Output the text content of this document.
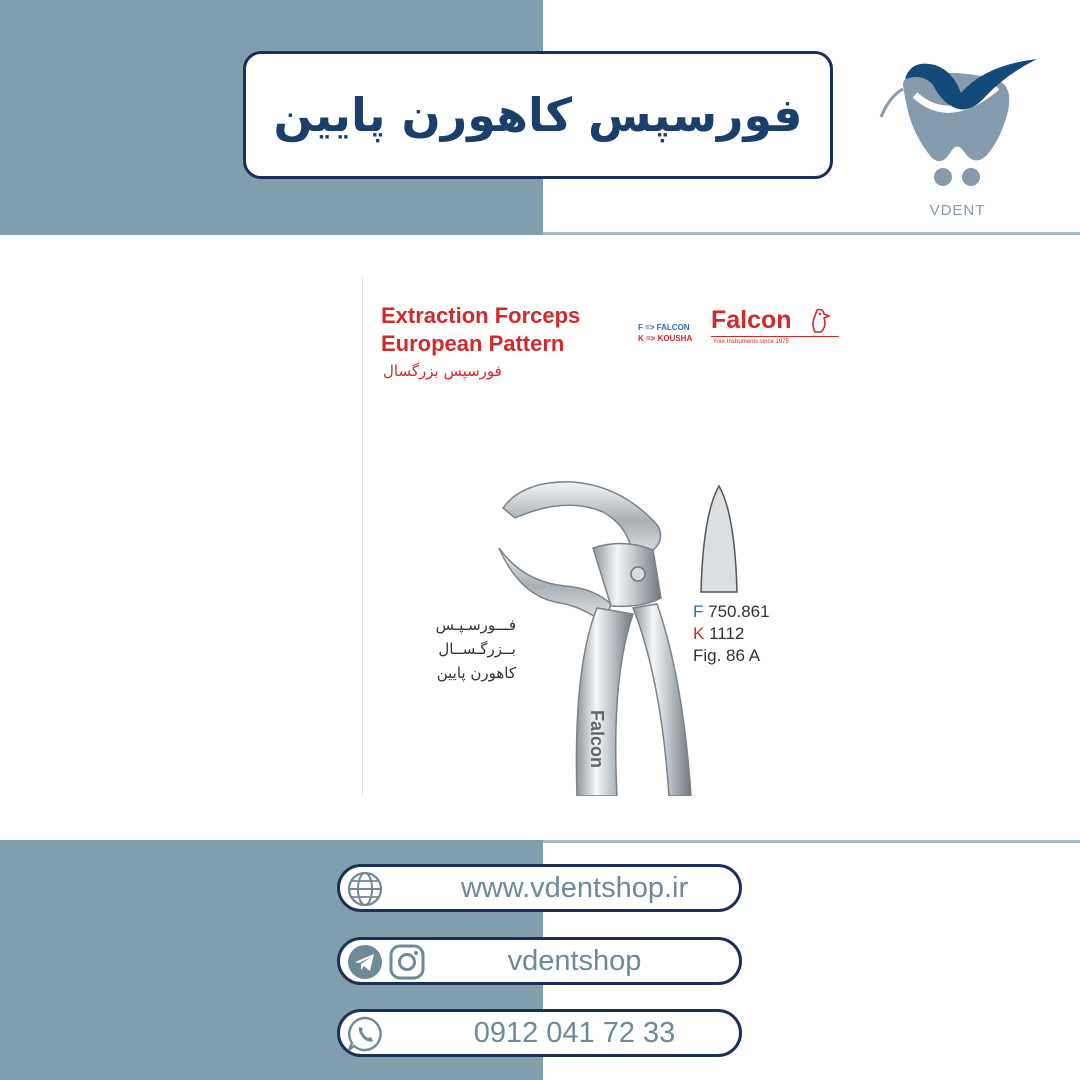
فورسپس کاهورن پایین
VDENT
Extraction Forceps
European Pattern
فورسپس بزرگسال
F => FALCON
K => KOUSHA
Falcon
Your Instruments since 1975
Falcon
F 750.861
K 1112
Fig. 86 A
فـــورسـپـس
بــزرگـســال
کاهورن پایین
www.vdentshop.ir
vdentshop
0912 041 72 33
